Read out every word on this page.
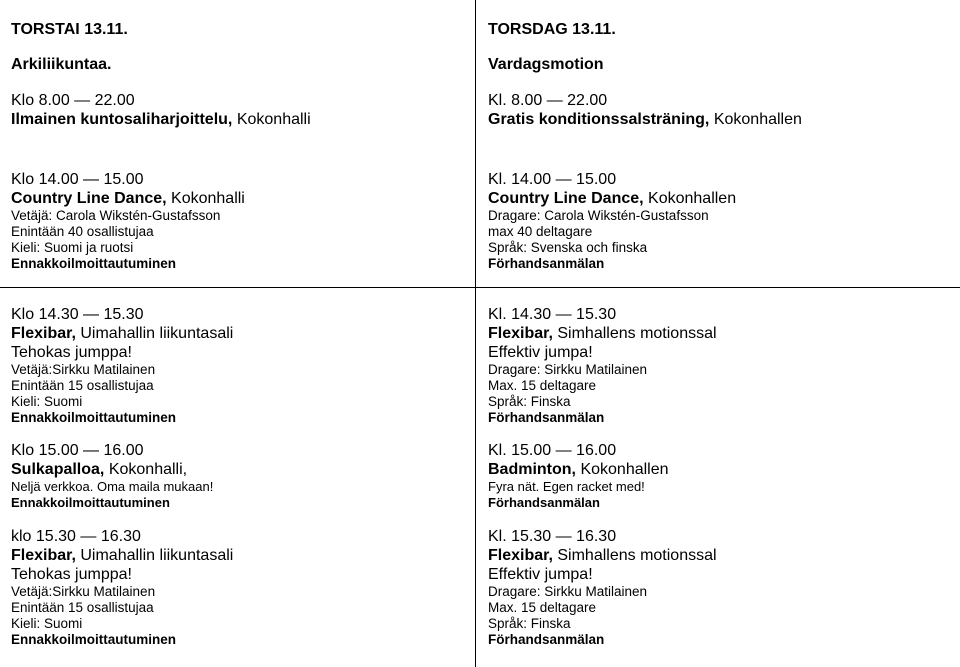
TORSTAI 13.11.
Arkiliikuntaa.
Klo 8.00 — 22.00
Ilmainen kuntosaliharjoittelu, Kokonhalli
Klo 14.00 — 15.00
Country Line Dance, Kokonhalli
Vetäjä: Carola Wikstén-Gustafsson
Enintään 40 osallistujaa
Kieli: Suomi ja ruotsi
Ennakkoilmoittautuminen
Klo 14.30 — 15.30
Flexibar, Uimahallin liikuntasali
Tehokas jumppa!
Vetäjä:Sirkku Matilainen
Enintään 15 osallistujaa
Kieli: Suomi
Ennakkoilmoittautuminen
Klo 15.00 — 16.00
Sulkapalloa, Kokonhalli,
Neljä verkkoa. Oma maila mukaan!
Ennakkoilmoittautuminen
klo 15.30 — 16.30
Flexibar, Uimahallin liikuntasali
Tehokas jumppa!
Vetäjä:Sirkku Matilainen
Enintään 15 osallistujaa
Kieli: Suomi
Ennakkoilmoittautuminen
TORSDAG 13.11.
Vardagsmotion
Kl. 8.00 — 22.00
Gratis konditionssalsträning, Kokonhallen
Kl. 14.00 — 15.00
Country Line Dance, Kokonhallen
Dragare: Carola Wikstén-Gustafsson
max 40 deltagare
Språk: Svenska och finska
Förhandsanmälan
Kl. 14.30 — 15.30
Flexibar, Simhallens motionssal
Effektiv jumpa!
Dragare: Sirkku Matilainen
Max. 15 deltagare
Språk: Finska
Förhandsanmälan
Kl. 15.00 — 16.00
Badminton, Kokonhallen
Fyra nät. Egen racket med!
Förhandsanmälan
Kl. 15.30 — 16.30
Flexibar, Simhallens motionssal
Effektiv jumpa!
Dragare: Sirkku Matilainen
Max. 15 deltagare
Språk: Finska
Förhandsanmälan
